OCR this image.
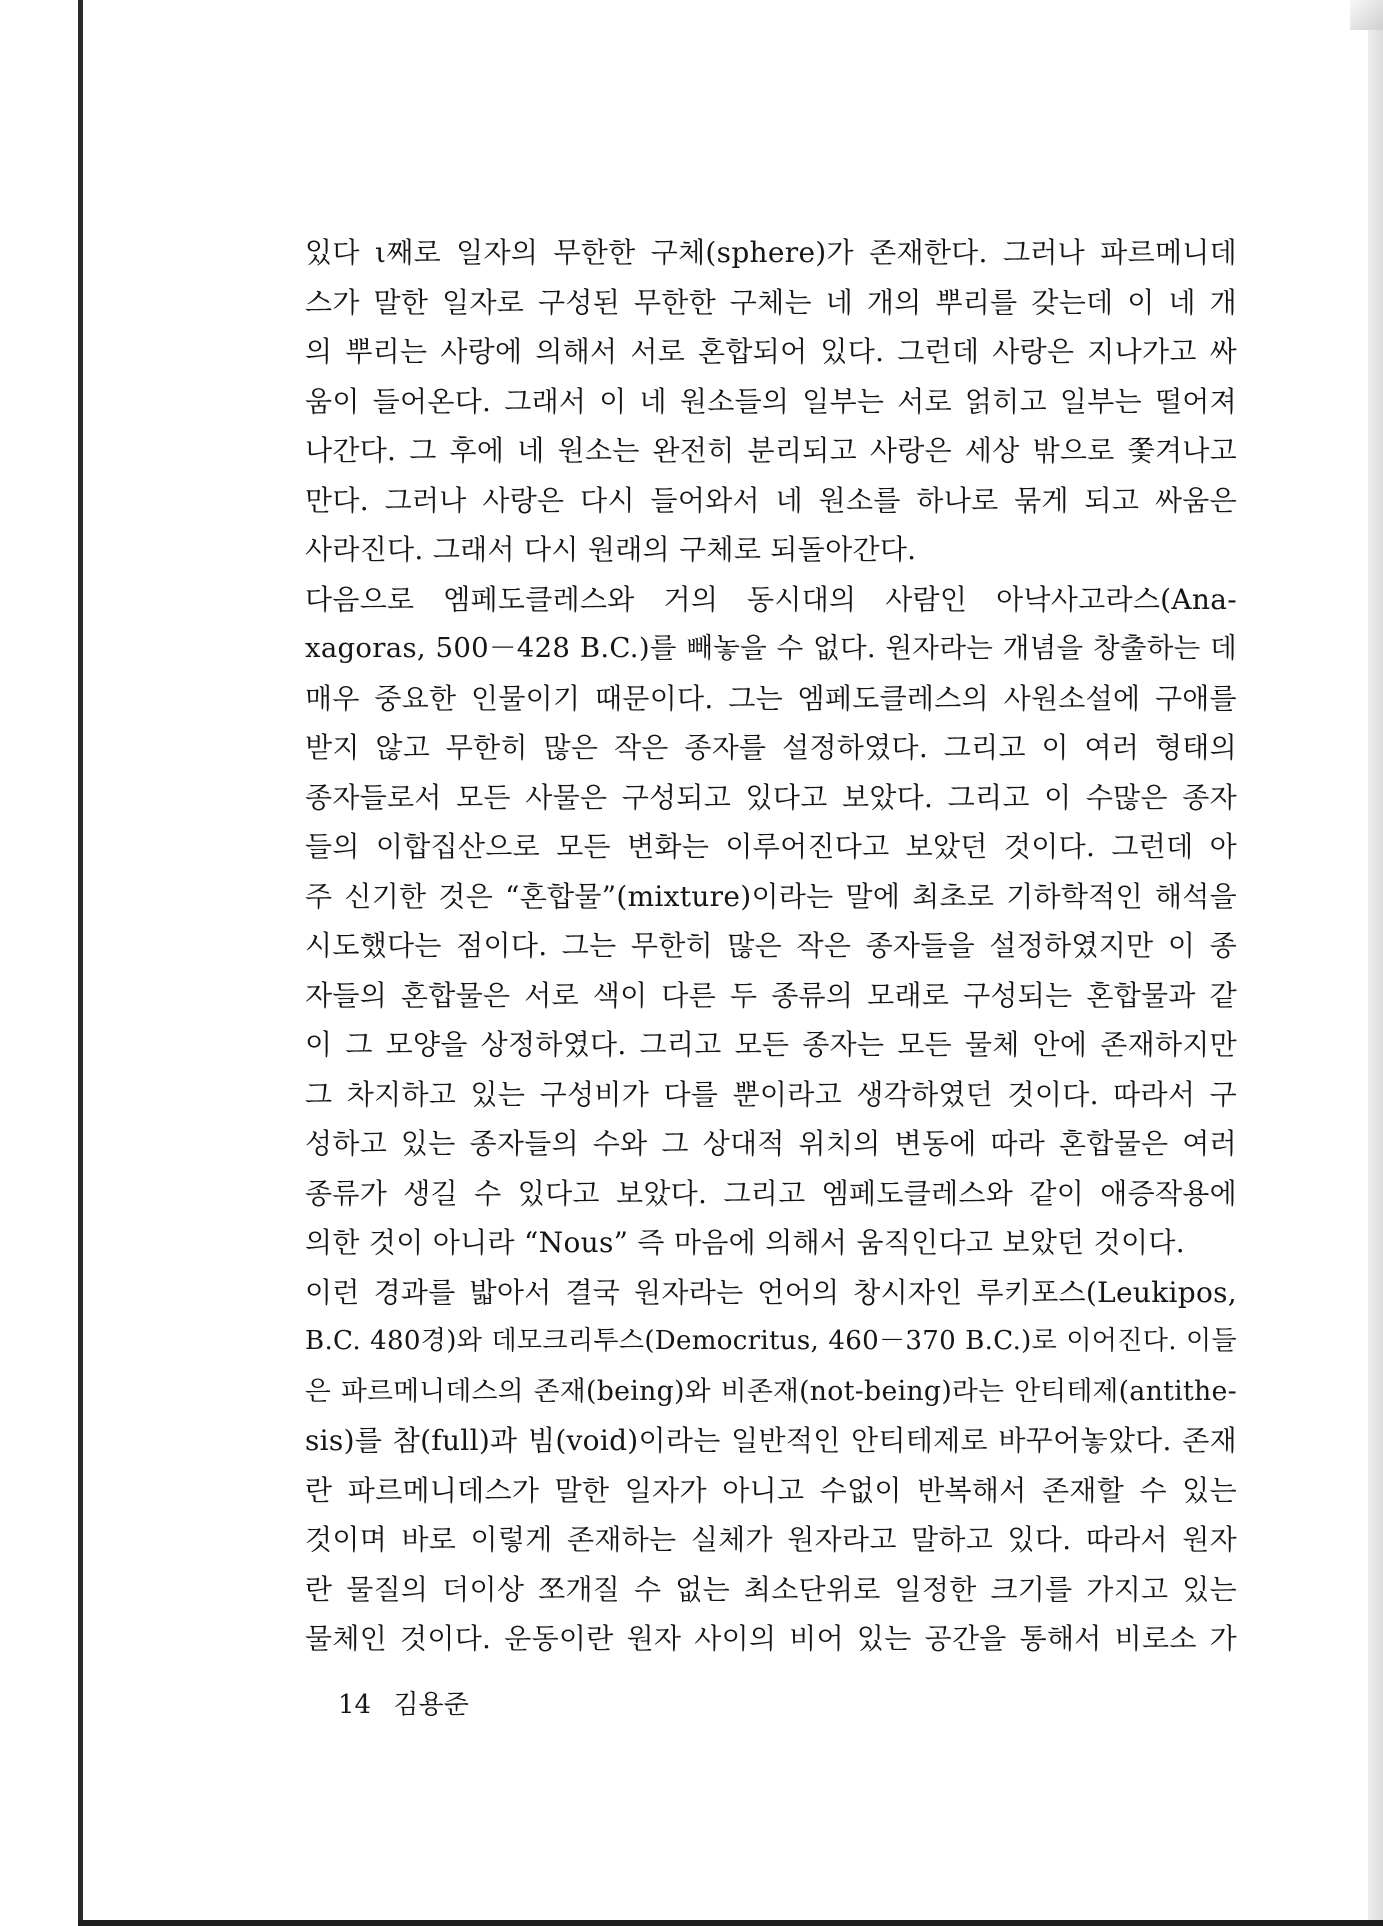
있다 ι째로 일자의 무한한 구체(sphere)가 존재한다. 그러나 파르메니데
스가 말한 일자로 구성된 무한한 구체는 네 개의 뿌리를 갖는데 이 네 개
의 뿌리는 사랑에 의해서 서로 혼합되어 있다. 그런데 사랑은 지나가고 싸
움이 들어온다. 그래서 이 네 원소들의 일부는 서로 얽히고 일부는 떨어져
나간다. 그 후에 네 원소는 완전히 분리되고 사랑은 세상 밖으로 쫓겨나고
만다. 그러나 사랑은 다시 들어와서 네 원소를 하나로 묶게 되고 싸움은
사라진다. 그래서 다시 원래의 구체로 되돌아간다.
다음으로 엠페도클레스와 거의 동시대의 사람인 아낙사고라스(Ana-
xagoras, 500－428 B.C.)를 빼놓을 수 없다. 원자라는 개념을 창출하는 데
매우 중요한 인물이기 때문이다. 그는 엠페도클레스의 사원소설에 구애를
받지 않고 무한히 많은 작은 종자를 설정하였다. 그리고 이 여러 형태의
종자들로서 모든 사물은 구성되고 있다고 보았다. 그리고 이 수많은 종자
들의 이합집산으로 모든 변화는 이루어진다고 보았던 것이다. 그런데 아
주 신기한 것은 “혼합물”(mixture)이라는 말에 최초로 기하학적인 해석을
시도했다는 점이다. 그는 무한히 많은 작은 종자들을 설정하였지만 이 종
자들의 혼합물은 서로 색이 다른 두 종류의 모래로 구성되는 혼합물과 같
이 그 모양을 상정하였다. 그리고 모든 종자는 모든 물체 안에 존재하지만
그 차지하고 있는 구성비가 다를 뿐이라고 생각하였던 것이다. 따라서 구
성하고 있는 종자들의 수와 그 상대적 위치의 변동에 따라 혼합물은 여러
종류가 생길 수 있다고 보았다. 그리고 엠페도클레스와 같이 애증작용에
의한 것이 아니라 “Nous” 즉 마음에 의해서 움직인다고 보았던 것이다.
이런 경과를 밟아서 결국 원자라는 언어의 창시자인 루키포스(Leukipos,
B.C. 480경)와 데모크리투스(Democritus, 460－370 B.C.)로 이어진다. 이들
은 파르메니데스의 존재(being)와 비존재(not-being)라는 안티테제(antithe-
sis)를 참(full)과 빔(void)이라는 일반적인 안티테제로 바꾸어놓았다. 존재
란 파르메니데스가 말한 일자가 아니고 수없이 반복해서 존재할 수 있는
것이며 바로 이렇게 존재하는 실체가 원자라고 말하고 있다. 따라서 원자
란 물질의 더이상 쪼개질 수 없는 최소단위로 일정한 크기를 가지고 있는
물체인 것이다. 운동이란 원자 사이의 비어 있는 공간을 통해서 비로소 가
14 김용준
